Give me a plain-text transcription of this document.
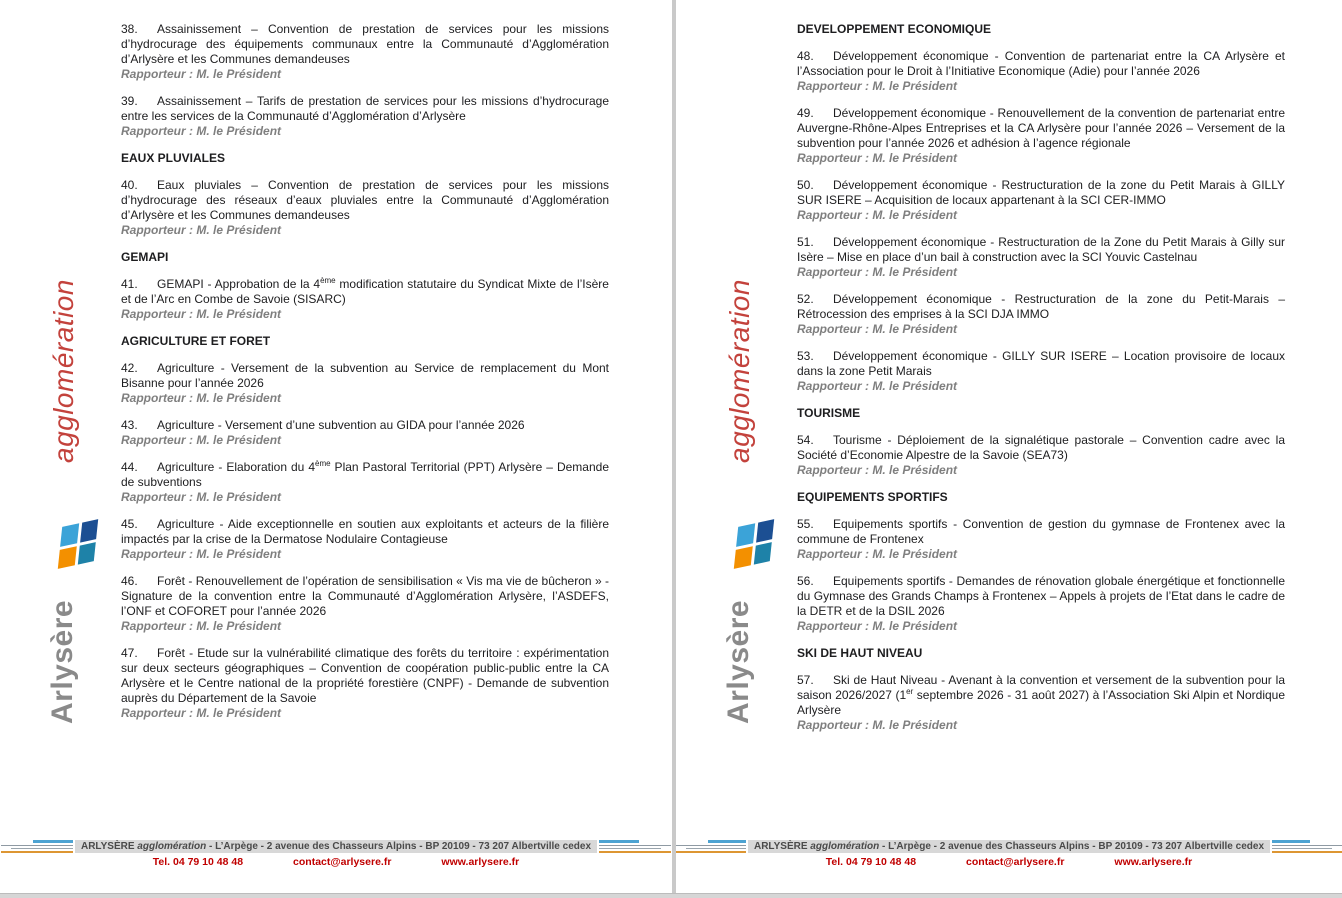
agglomération
Arlysère
38. Assainissement – Convention de prestation de services pour les missions d’hydrocurage des équipements communaux entre la Communauté d’Agglomération d’Arlysère et les Communes demandeuses
Rapporteur : M. le Président
39. Assainissement – Tarifs de prestation de services pour les missions d’hydrocurage entre les services de la Communauté d’Agglomération d’Arlysère
Rapporteur : M. le Président
EAUX PLUVIALES
40. Eaux pluviales – Convention de prestation de services pour les missions d’hydrocurage des réseaux d’eaux pluviales entre la Communauté d’Agglomération d’Arlysère et les Communes demandeuses
Rapporteur : M. le Président
GEMAPI
41. GEMAPI - Approbation de la 4ème modification statutaire du Syndicat Mixte de l’Isère et de l’Arc en Combe de Savoie (SISARC)
Rapporteur : M. le Président
AGRICULTURE ET FORET
42. Agriculture - Versement de la subvention au Service de remplacement du Mont Bisanne pour l’année 2026
Rapporteur : M. le Président
43. Agriculture - Versement d’une subvention au GIDA pour l’année 2026
Rapporteur : M. le Président
44. Agriculture - Elaboration du 4ème Plan Pastoral Territorial (PPT) Arlysère – Demande de subventions
Rapporteur : M. le Président
45. Agriculture - Aide exceptionnelle en soutien aux exploitants et acteurs de la filière impactés par la crise de la Dermatose Nodulaire Contagieuse
Rapporteur : M. le Président
46. Forêt - Renouvellement de l’opération de sensibilisation « Vis ma vie de bûcheron » - Signature de la convention entre la Communauté d’Agglomération Arlysère, l’ASDEFS, l’ONF et COFORET pour l’année 2026
Rapporteur : M. le Président
47. Forêt - Etude sur la vulnérabilité climatique des forêts du territoire : expérimentation sur deux secteurs géographiques – Convention de coopération public-public entre la CA Arlysère et le Centre national de la propriété forestière (CNPF) - Demande de subvention auprès du Département de la Savoie
Rapporteur : M. le Président
ARLYSÈRE agglomération - L’Arpège - 2 avenue des Chasseurs Alpins - BP 20109 - 73 207 Albertville cedex
Tel. 04 79 10 48 48	contact@arlysere.fr	www.arlysere.fr
agglomération
Arlysère
DEVELOPPEMENT ECONOMIQUE
48. Développement économique - Convention de partenariat entre la CA Arlysère et l’Association pour le Droit à l’Initiative Economique (Adie) pour l’année 2026
Rapporteur : M. le Président
49. Développement économique - Renouvellement de la convention de partenariat entre Auvergne-Rhône-Alpes Entreprises et la CA Arlysère pour l’année 2026 – Versement de la subvention pour l’année 2026 et adhésion à l’agence régionale
Rapporteur : M. le Président
50. Développement économique - Restructuration de la zone du Petit Marais à GILLY SUR ISERE – Acquisition de locaux appartenant à la SCI CER-IMMO
Rapporteur : M. le Président
51. Développement économique - Restructuration de la Zone du Petit Marais à Gilly sur Isère – Mise en place d’un bail à construction avec la SCI Youvic Castelnau
Rapporteur : M. le Président
52. Développement économique - Restructuration de la zone du Petit-Marais – Rétrocession des emprises à la SCI DJA IMMO
Rapporteur : M. le Président
53. Développement économique - GILLY SUR ISERE – Location provisoire de locaux dans la zone Petit Marais
Rapporteur : M. le Président
TOURISME
54. Tourisme - Déploiement de la signalétique pastorale – Convention cadre avec la Société d’Economie Alpestre de la Savoie (SEA73)
Rapporteur : M. le Président
EQUIPEMENTS SPORTIFS
55. Equipements sportifs - Convention de gestion du gymnase de Frontenex avec la commune de Frontenex
Rapporteur : M. le Président
56. Equipements sportifs - Demandes de rénovation globale énergétique et fonctionnelle du Gymnase des Grands Champs à Frontenex – Appels à projets de l’Etat dans le cadre de la DETR et de la DSIL 2026
Rapporteur : M. le Président
SKI DE HAUT NIVEAU
57. Ski de Haut Niveau - Avenant à la convention et versement de la subvention pour la saison 2026/2027 (1er septembre 2026 - 31 août 2027) à l’Association Ski Alpin et Nordique Arlysère
Rapporteur : M. le Président
ARLYSÈRE agglomération - L’Arpège - 2 avenue des Chasseurs Alpins - BP 20109 - 73 207 Albertville cedex
Tel. 04 79 10 48 48	contact@arlysere.fr	www.arlysere.fr
